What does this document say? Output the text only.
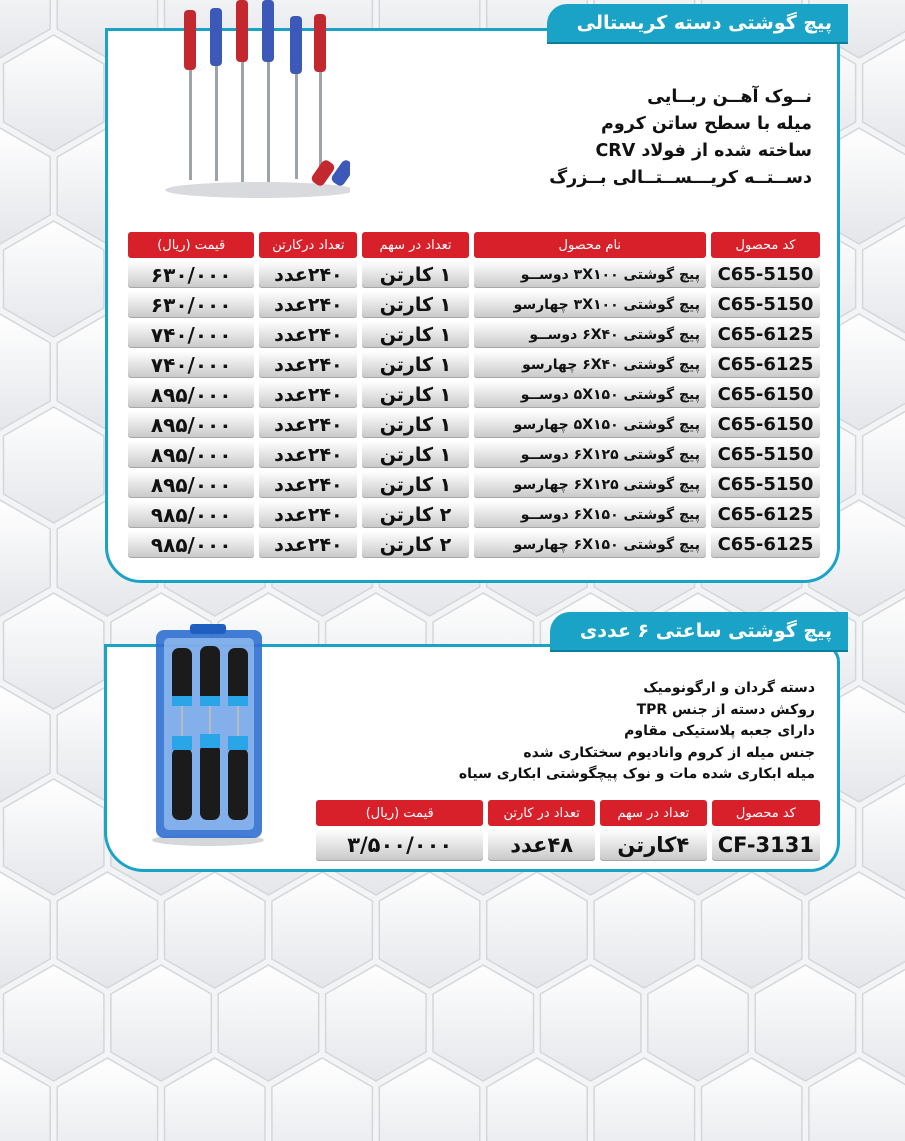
پیچ گوشتی دسته کریستالی
نــوک آهــن ربــایی
میله با سطح ساتن کروم
ساخته شده از فولاد CRV
دســتــه کریـــســتــالی بــزرگ
کد محصول	نام محصول	تعداد در سهم	تعداد درکارتن	قیمت (ریال)
C65-5150	پیچ گوشتی ۳X۱۰۰ دوســو	۱ کارتن	۲۴۰عدد	۶۳۰/۰۰۰
C65-5150	پیچ گوشتی ۳X۱۰۰ چهارسو	۱ کارتن	۲۴۰عدد	۶۳۰/۰۰۰
C65-6125	پیچ گوشتی ۶X۴۰ دوســو	۱ کارتن	۲۴۰عدد	۷۴۰/۰۰۰
C65-6125	پیچ گوشتی ۶X۴۰ چهارسو	۱ کارتن	۲۴۰عدد	۷۴۰/۰۰۰
C65-6150	پیچ گوشتی ۵X۱۵۰ دوســو	۱ کارتن	۲۴۰عدد	۸۹۵/۰۰۰
C65-6150	پیچ گوشتی ۵X۱۵۰ چهارسو	۱ کارتن	۲۴۰عدد	۸۹۵/۰۰۰
C65-5150	پیچ گوشتی ۶X۱۲۵ دوســو	۱ کارتن	۲۴۰عدد	۸۹۵/۰۰۰
C65-5150	پیچ گوشتی ۶X۱۲۵ چهارسو	۱ کارتن	۲۴۰عدد	۸۹۵/۰۰۰
C65-6125	پیچ گوشتی ۶X۱۵۰ دوســو	۲ کارتن	۲۴۰عدد	۹۸۵/۰۰۰
C65-6125	پیچ گوشتی ۶X۱۵۰ چهارسو	۲ کارتن	۲۴۰عدد	۹۸۵/۰۰۰
پیچ گوشتی ساعتی ۶ عددی
دسته گردان و ارگونومیک
روکش دسته از جنس TPR
دارای جعبه پلاستیکی مقاوم
جنس میله از کروم وانادیوم سختکاری شده
میله ابکاری شده مات و نوک پیچگوشتی ابکاری سیاه
کد محصول	تعداد در سهم	تعداد در کارتن	قیمت (ریال)
CF-3131	۴کارتن	۴۸عدد	۳/۵۰۰/۰۰۰
